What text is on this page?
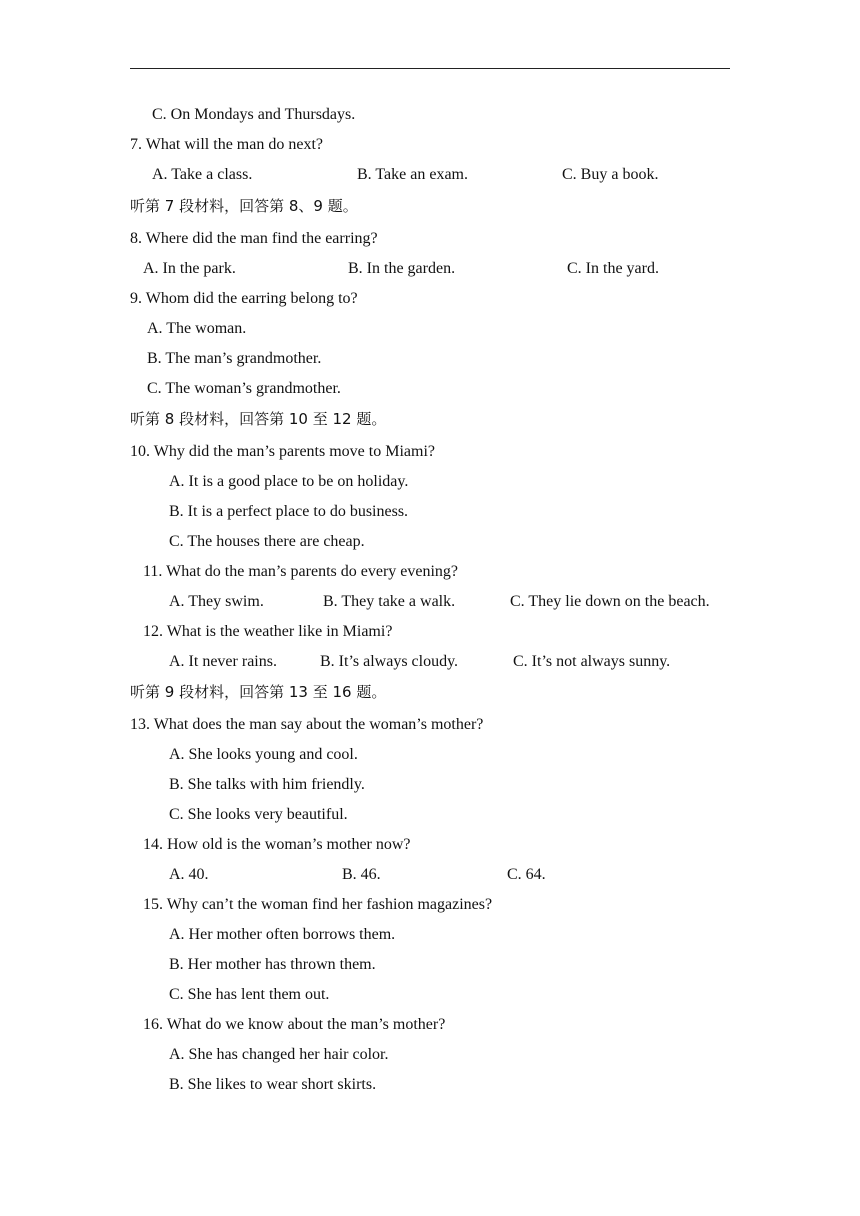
C. On Mondays and Thursdays.
7. What will the man do next?
A. Take a class.	B. Take an exam.	C. Buy a book.
听第 7 段材料，回答第 8、9 题。
8. Where did the man find the earring?
A. In the park.	B. In the garden.	C. In the yard.
9. Whom did the earring belong to?
A. The woman.
B. The man’s grandmother.
C. The woman’s grandmother.
听第 8 段材料，回答第 10 至 12 题。
10. Why did the man’s parents move to Miami?
A. It is a good place to be on holiday.
B. It is a perfect place to do business.
C. The houses there are cheap.
11. What do the man’s parents do every evening?
A. They swim.	B. They take a walk.	C. They lie down on the beach.
12. What is the weather like in Miami?
A. It never rains.	B. It’s always cloudy.	C. It’s not always sunny.
听第 9 段材料，回答第 13 至 16 题。
13. What does the man say about the woman’s mother?
A. She looks young and cool.
B. She talks with him friendly.
C. She looks very beautiful.
14. How old is the woman’s mother now?
A. 40.	B. 46.	C. 64.
15. Why can’t the woman find her fashion magazines?
A. Her mother often borrows them.
B. Her mother has thrown them.
C. She has lent them out.
16. What do we know about the man’s mother?
A. She has changed her hair color.
B. She likes to wear short skirts.
